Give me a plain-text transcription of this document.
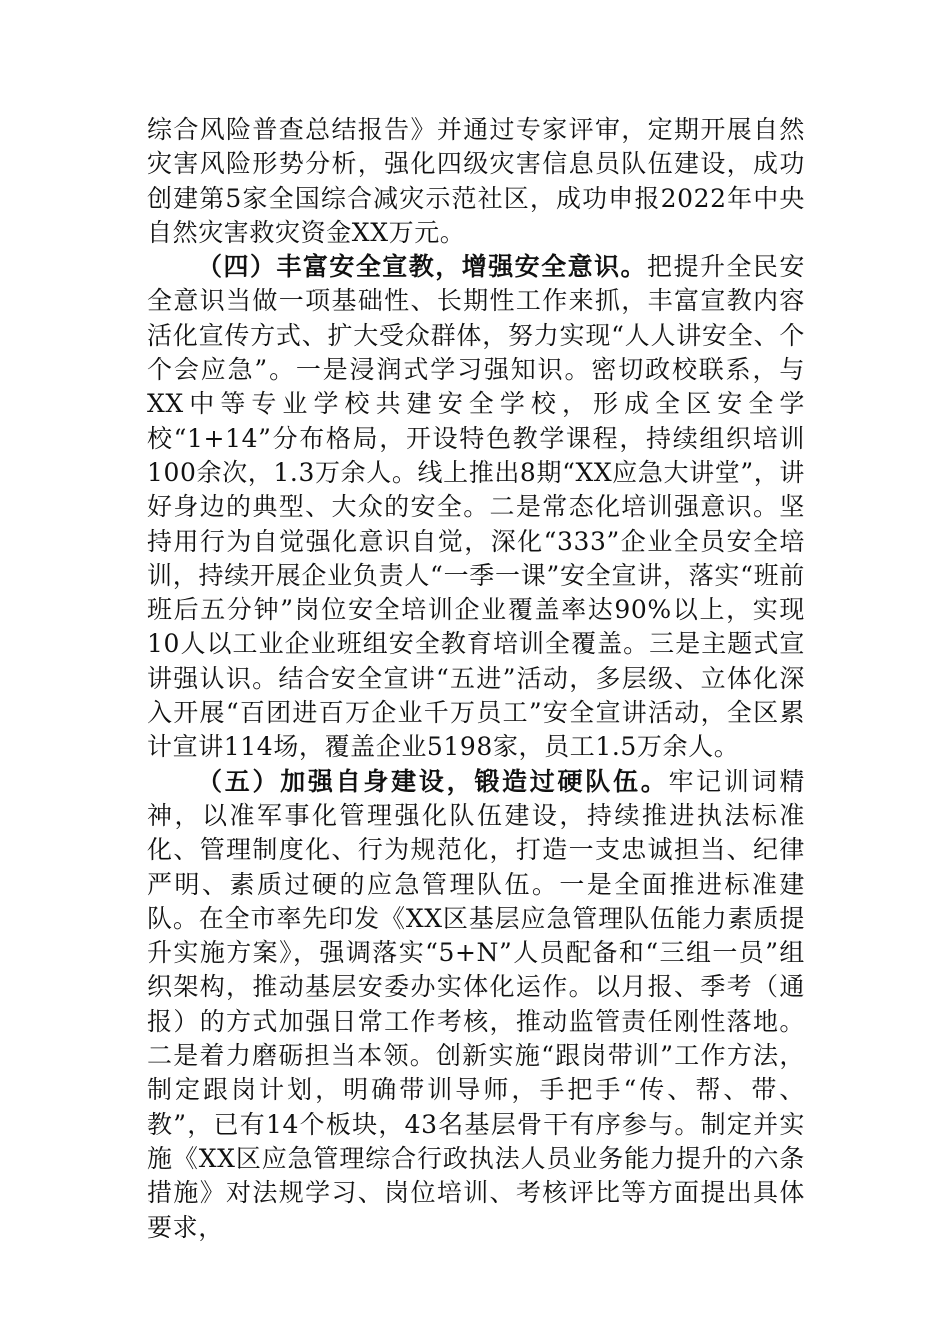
综合风险普查总结报告》并通过专家评审，定期开展自然灾害风险形势分析，强化四级灾害信息员队伍建设，成功创建第5家全国综合减灾示范社区，成功申报2022年中央自然灾害救灾资金XX万元。

（四）丰富安全宣教，增强安全意识。把提升全民安全意识当做一项基础性、长期性工作来抓，丰富宣教内容活化宣传方式、扩大受众群体，努力实现“人人讲安全、个个会应急”。一是浸润式学习强知识。密切政校联系，与XX中等专业学校共建安全学校，形成全区安全学校“1+14”分布格局，开设特色教学课程，持续组织培训100余次，1.3万余人。线上推出8期“XX应急大讲堂”，讲好身边的典型、大众的安全。二是常态化培训强意识。坚持用行为自觉强化意识自觉，深化“333”企业全员安全培训，持续开展企业负责人“一季一课”安全宣讲，落实“班前班后五分钟”岗位安全培训企业覆盖率达90%以上，实现10人以工业企业班组安全教育培训全覆盖。三是主题式宣讲强认识。结合安全宣讲“五进”活动，多层级、立体化深入开展“百团进百万企业千万员工”安全宣讲活动，全区累计宣讲114场，覆盖企业5198家，员工1.5万余人。

（五）加强自身建设，锻造过硬队伍。牢记训词精神，以准军事化管理强化队伍建设，持续推进执法标准化、管理制度化、行为规范化，打造一支忠诚担当、纪律严明、素质过硬的应急管理队伍。一是全面推进标准建队。在全市率先印发《XX区基层应急管理队伍能力素质提升实施方案》，强调落实“5+N”人员配备和“三组一员”组织架构，推动基层安委办实体化运作。以月报、季考（通报）的方式加强日常工作考核，推动监管责任刚性落地。二是着力磨砺担当本领。创新实施“跟岗带训”工作方法，制定跟岗计划，明确带训导师，手把手“传、帮、带、教”，已有14个板块，43名基层骨干有序参与。制定并实施《XX区应急管理综合行政执法人员业务能力提升的六条措施》对法规学习、岗位培训、考核评比等方面提出具体要求，
